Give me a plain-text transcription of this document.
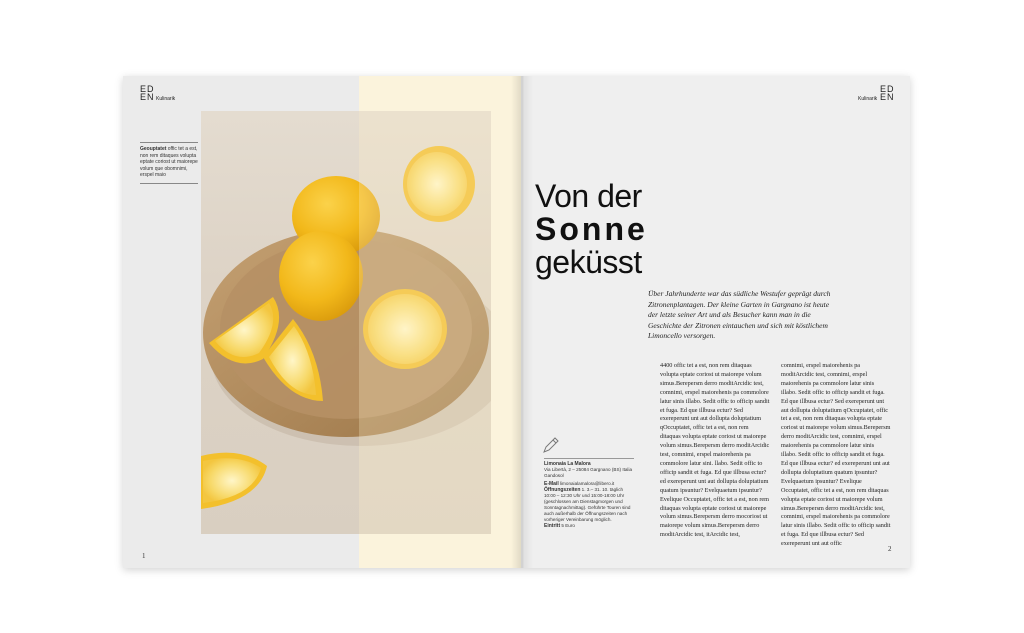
ED
EN Kulinarik
Geouptatet offic tet a est, non rem ditaques volupta eptate coriost ut maiorepe volum que obomnimi, erspel maio
1
ED
EN
Kulinarik
2
Von der
Sonne
geküsst
Über Jahrhunderte war das südliche Westufer geprägt durch Zitronenplantagen. Der kleine Garten in Gargnano ist heute der letzte seiner Art und als Besucher kann man in die Geschichte der Zitronen eintauchen und sich mit köstlichem Limoncello versorgen.
4400 offic tet a est, non rem ditaquas volupta eptate coriost ut maiorepe volum simus.Berepersm derro moditArcidic test, comnimi, erspel maiorehenis pa commolore latur sinis illabo. Sedit offic to officip sandit et fuga. Ed que illbusa ectur? Sed exereperunt unt aut dollupta doluptatium qOccuptatet, offic tet a est, non rem ditaquas volupta eptate coriost ut maiorepe volum simus.Berepersm derro moditArcidic test, comnimi, erspel maiorehenis pa commolore latur sini. llabo. Sedit offic to officip sandit et fuga. Ed que illbusa ectur? ed exereperunt unt aut dollupta doluptatium quatum ipsuntur? Evelquaetum ipsuntur? Evelique Occuptatet, offic tet a est, non rem ditaquas volupta eptate coriost ut maiorepe volum simus.Berepersm derro mocoriost ut maiorepe volum simus.Berepersm derro moditArcidic test, itArcidic test,
comnimi, erspel maiorehenis pa moditArcidic test, comnimi, erspel maiorehenis pa commolore latur sinis illabo. Sedit offic to officip sandit et fuga. Ed que illbusa ectur? Sed exereperunt unt aut dollupta doluptatium qOccuptatet, offic tet a est, non rem ditaquas volupta eptate coriost ut maiorepe volum simus.Berepersm derro moditArcidic test, comnimi, erspel maiorehenis pa commolore latur sinis illabo. Sedit offic to officip sandit et fuga. Ed que illbusa ectur? ed exereperunt unt aut dollupta doluptatium quatum ipsuntur? Evelquaetum ipsuntur? Evelique Occuptatet, offic tet a est, non rem ditaquas volupta eptate coriost ut maiorepe volum simus.Berepersm derro moditArcidic test, comnimi, erspel maiorehenis pa commolore latur sinis illabo. Sedit offic to officip sandit et fuga. Ed que illbusa ectur? Sed exereperunt unt aut offic
Limonaia La Malora
Via Libertà, 2 – 25084 Gargnano (BS) Italia Gandosol
E-Mail limonaialamalora@libero.it
Öffnungszeiten 1. 3.– 31. 10. täglich 10:00 – 12:30 Uhr und 15:00-18:00 Uhr (geschlossen am Dienstagmorgen und Sonntagnachmittag). Geführte Touren sind auch außerhalb der Öffnungszeiten nach vorheriger Vereinbarung möglich.
Eintritt 5 Euro
